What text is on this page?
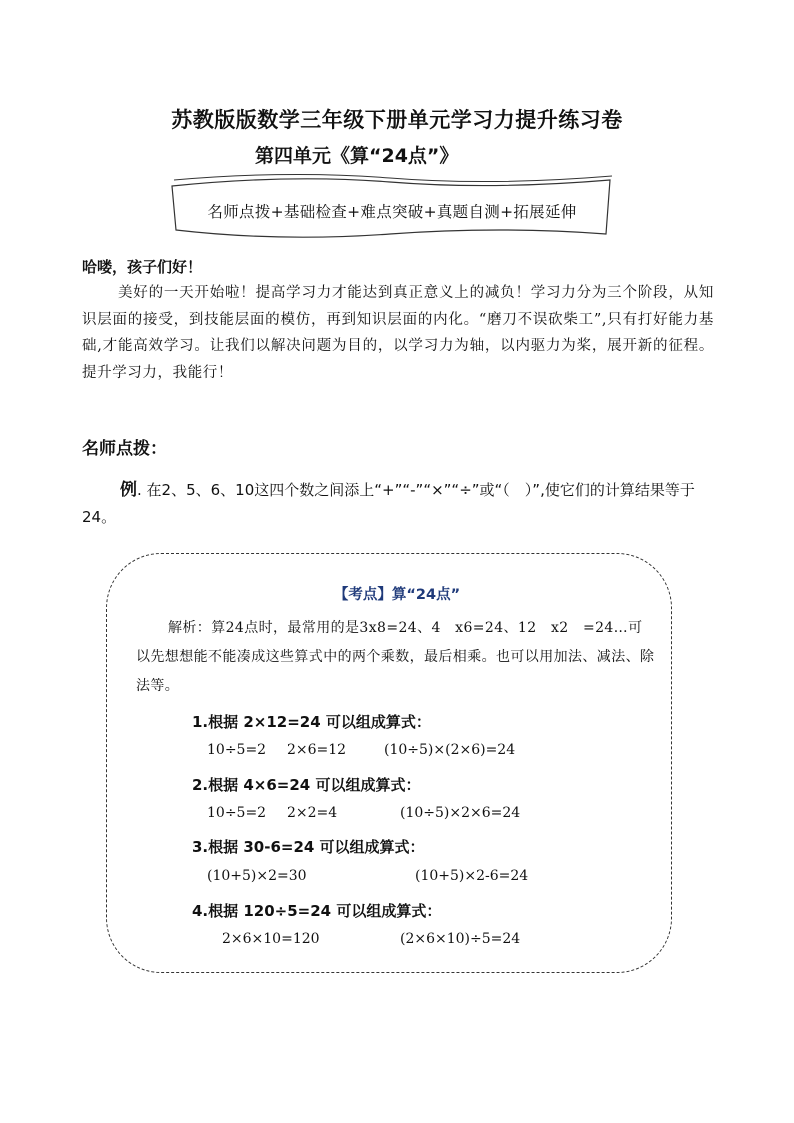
苏教版版数学三年级下册单元学习力提升练习卷
第四单元《算“24点”》
名师点拨+基础检查+难点突破+真题自测+拓展延伸
哈喽，孩子们好！
美好的一天开始啦！提高学习力才能达到真正意义上的减负！学习力分为三个阶段，从知识层面的接受，到技能层面的模仿，再到知识层面的内化。“磨刀不误砍柴工”,只有打好能力基础,才能高效学习。让我们以解决问题为目的，以学习力为轴，以内驱力为桨，展开新的征程。提升学习力，我能行！
名师点拨：
例. 在2、5、6、10这四个数之间添上“+”“-”“×”“÷”或“（　）”,使它们的计算结果等于24。
【考点】算“24点”
解析：算24点时，最常用的是3x8=24、4　x6=24、12　x2　=24…可以先想想能不能凑成这些算式中的两个乘数，最后相乘。也可以用加法、减法、除法等。
1.根据 2×12=24 可以组成算式：
10÷5=2 2×6=12	(10÷5)×(2×6)=24
2.根据 4×6=24 可以组成算式：
10÷5=2 2×2=4	(10÷5)×2×6=24
3.根据 30-6=24 可以组成算式：
(10+5)×2=30	(10+5)×2-6=24
4.根据 120÷5=24 可以组成算式：
2×6×10=120	(2×6×10)÷5=24
